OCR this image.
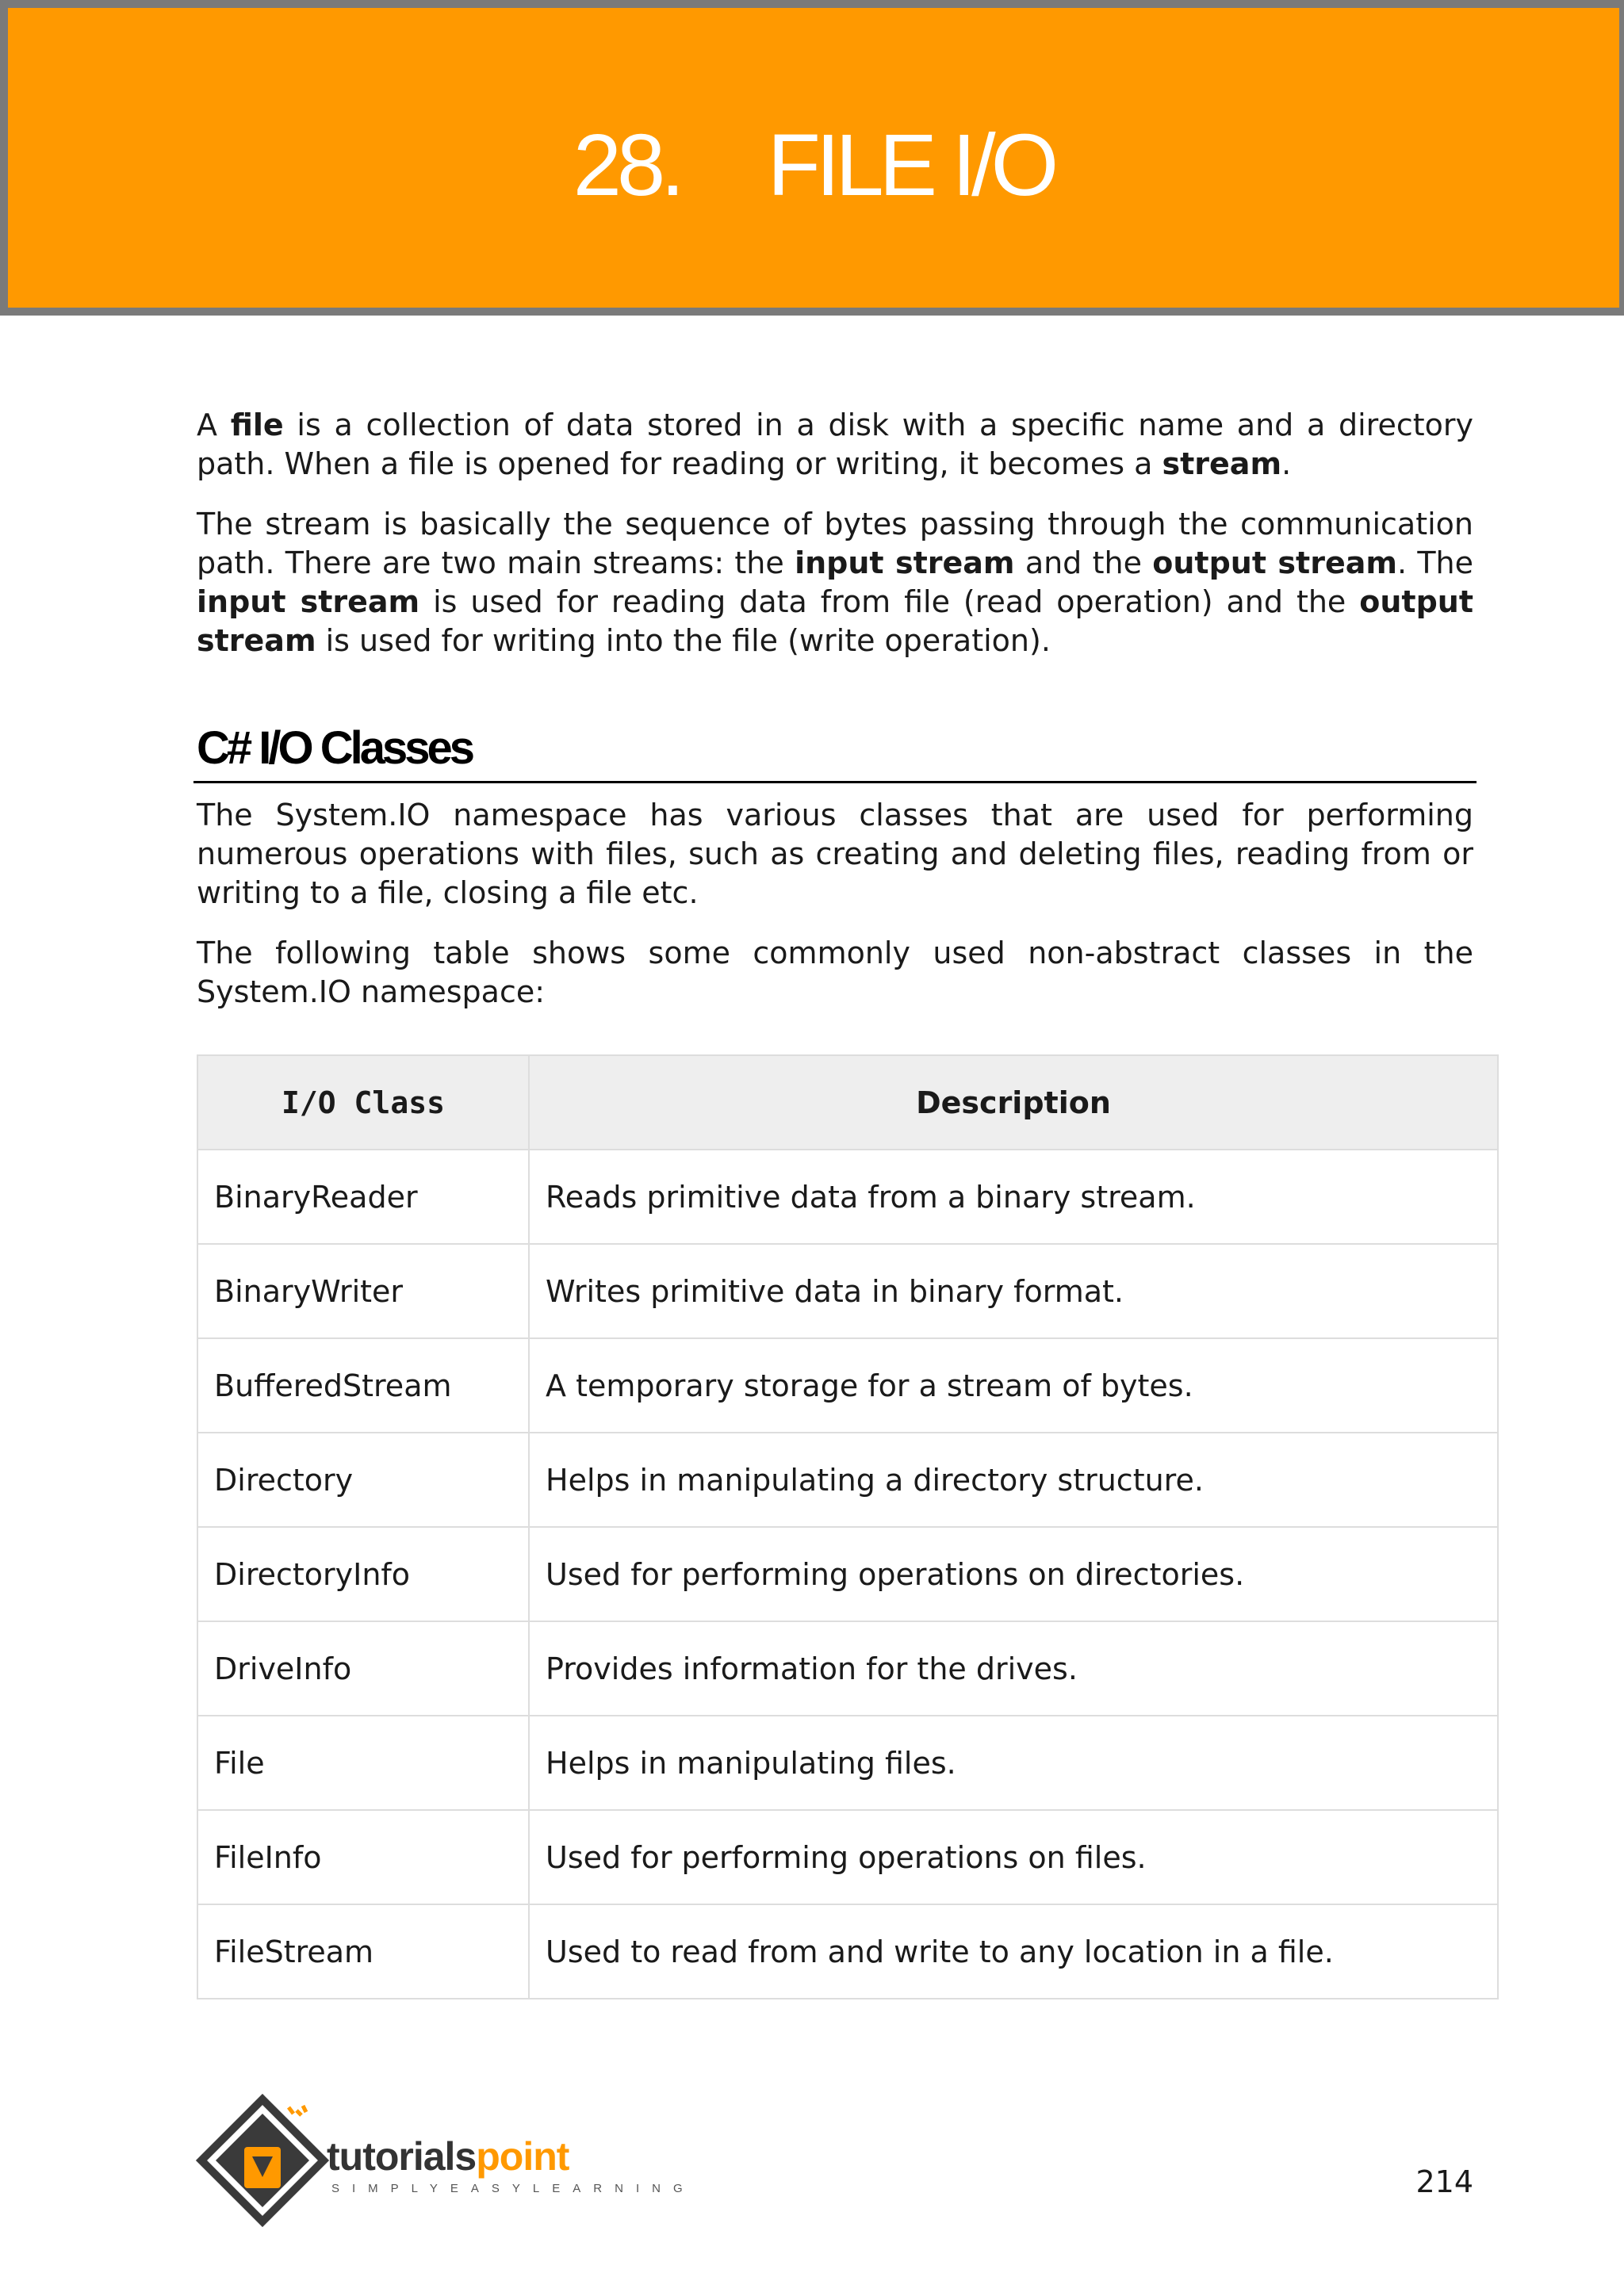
28. FILE I/O

A file is a collection of data stored in a disk with a specific name and a directory path. When a file is opened for reading or writing, it becomes a stream.

The stream is basically the sequence of bytes passing through the communication path. There are two main streams: the input stream and the output stream. The input stream is used for reading data from file (read operation) and the output stream is used for writing into the file (write operation).

C# I/O Classes

The System.IO namespace has various classes that are used for performing numerous operations with files, such as creating and deleting files, reading from or writing to a file, closing a file etc.

The following table shows some commonly used non-abstract classes in the System.IO namespace:

I/O Class	Description
BinaryReader	Reads primitive data from a binary stream.
BinaryWriter	Writes primitive data in binary format.
BufferedStream	A temporary storage for a stream of bytes.
Directory	Helps in manipulating a directory structure.
DirectoryInfo	Used for performing operations on directories.
DriveInfo	Provides information for the drives.
File	Helps in manipulating files.
FileInfo	Used for performing operations on files.
FileStream	Used to read from and write to any location in a file.
tutorialspoint
SIMPLYEASYLEARNING	214
